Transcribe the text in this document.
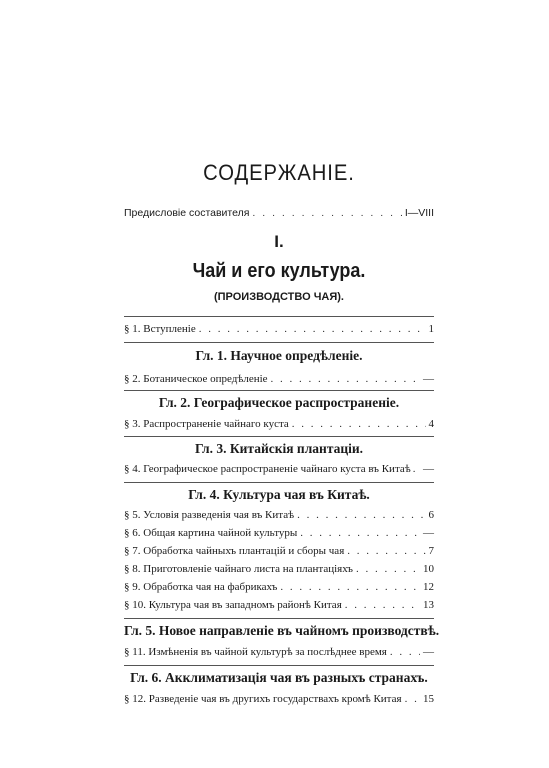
СОДЕРЖАНІЕ.
Предисловіе составителя . . .	I—VIII
I.
Чай и его культура.
(ПРОИЗВОДСТВО ЧАЯ).
§ 1. Вступленіе . . .	1
Гл. 1. Научное опредѣленіе.
§ 2. Ботаническое опредѣленіе . . .	—
Гл. 2. Географическое распространеніе.
§ 3. Распространеніе чайнаго куста . . .	4
Гл. 3. Китайскія плантаціи.
§ 4. Географическое распространеніе чайнаго куста въ Китаѣ . . . —
Гл. 4. Культура чая въ Китаѣ.
§ 5. Условія разведенія чая въ Китаѣ . . .	6
§ 6. Общая картина чайной культуры . . .	—
§ 7. Обработка чайныхъ плантацій и сборы чая . . .	7
§ 8. Приготовленіе чайнаго листа на плантаціяхъ . . .	10
§ 9. Обработка чая на фабрикахъ . . .	12
§ 10. Культура чая въ западномъ районѣ Китая . . .	13
Гл. 5. Новое направленіе въ чайномъ производствѣ.
§ 11. Измѣненія въ чайной культурѣ за послѣднее время . . .	—
Гл. 6. Акклиматизація чая въ разныхъ странахъ.
§ 12. Разведеніе чая въ другихъ государствахъ кромѣ Китая . . . 15
